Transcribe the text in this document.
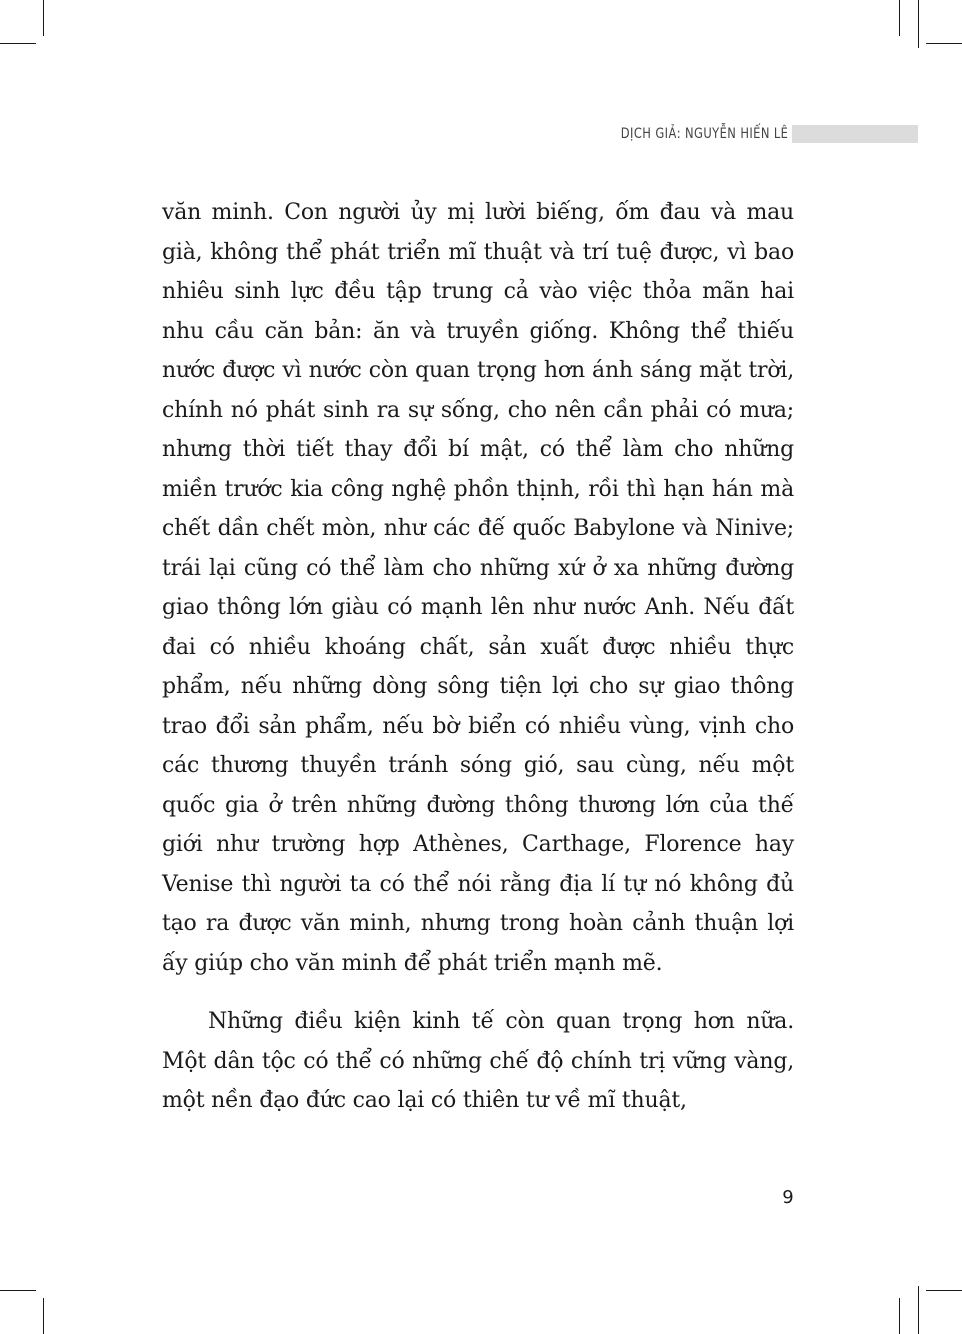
DỊCH GIẢ: NGUYỄN HIẾN LÊ

văn minh. Con người ủy mị lười biếng, ốm đau và mau già, không thể phát triển mĩ thuật và trí tuệ được, vì bao nhiêu sinh lực đều tập trung cả vào việc thỏa mãn hai nhu cầu căn bản: ăn và truyền giống. Không thể thiếu nước được vì nước còn quan trọng hơn ánh sáng mặt trời, chính nó phát sinh ra sự sống, cho nên cần phải có mưa; nhưng thời tiết thay đổi bí mật, có thể làm cho những miền trước kia công nghệ phồn thịnh, rồi thì hạn hán mà chết dần chết mòn, như các đế quốc Babylone và Ninive; trái lại cũng có thể làm cho những xứ ở xa những đường giao thông lớn giàu có mạnh lên như nước Anh. Nếu đất đai có nhiều khoáng chất, sản xuất được nhiều thực phẩm, nếu những dòng sông tiện lợi cho sự giao thông trao đổi sản phẩm, nếu bờ biển có nhiều vùng, vịnh cho các thương thuyền tránh sóng gió, sau cùng, nếu một quốc gia ở trên những đường thông thương lớn của thế giới như trường hợp Athènes, Carthage, Florence hay Venise thì người ta có thể nói rằng địa lí tự nó không đủ tạo ra được văn minh, nhưng trong hoàn cảnh thuận lợi ấy giúp cho văn minh để phát triển mạnh mẽ.

Những điều kiện kinh tế còn quan trọng hơn nữa. Một dân tộc có thể có những chế độ chính trị vững vàng, một nền đạo đức cao lại có thiên tư về mĩ thuật,

9
